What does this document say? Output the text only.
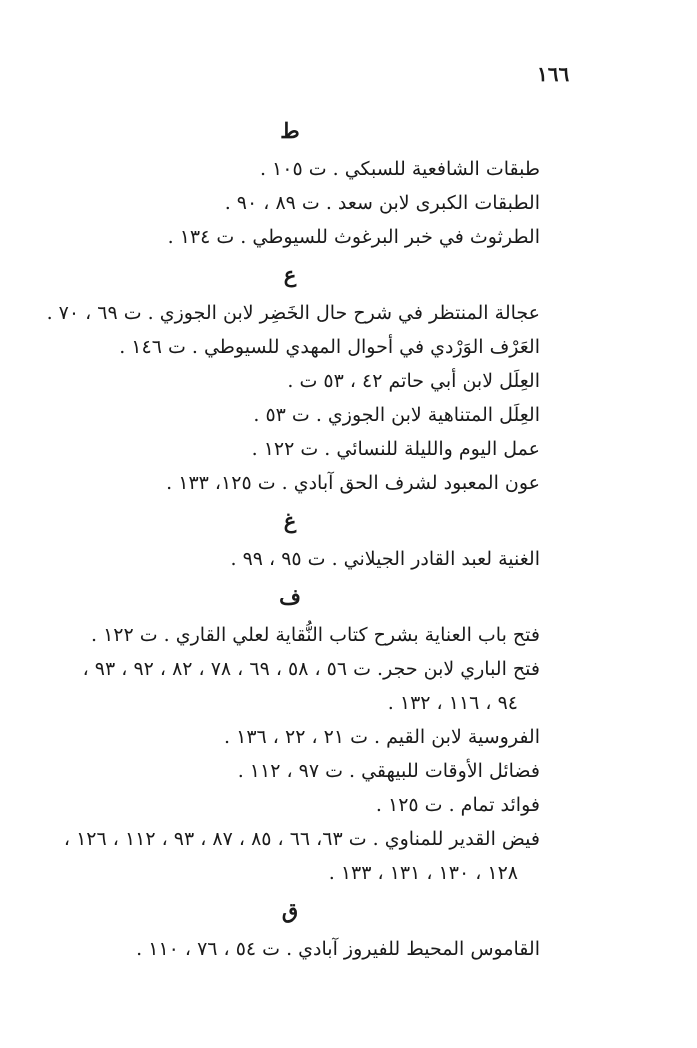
١٦٦
ط
طبقات الشافعية للسبكي . ت ١٠٥ .
الطبقات الكبرى لابن سعد . ت ٨٩ ، ٩٠ .
الطرثوث في خبر البرغوث للسيوطي . ت ١٣٤ .
ع
عجالة المنتظر في شرح حال الخَضِر لابن الجوزي . ت ٦٩ ، ٧٠ .
العَرْف الوَرْدي في أحوال المهدي للسيوطي . ت ١٤٦ .
العِلَل لابن أبي حاتم ٤٢ ، ٥٣ ت .
العِلَل المتناهية لابن الجوزي . ت ٥٣ .
عمل اليوم والليلة للنسائي . ت ١٢٢ .
عون المعبود لشرف الحق آبادي . ت ١٢٥، ١٣٣ .
غ
الغنية لعبد القادر الجيلاني . ت ٩٥ ، ٩٩ .
ف
فتح باب العناية بشرح كتاب النُّقاية لعلي القاري . ت ١٢٢ .
فتح الباري لابن حجر. ت ٥٦ ، ٥٨ ، ٦٩ ، ٧٨ ، ٨٢ ، ٩٢ ، ٩٣ ،
٩٤ ، ١١٦ ، ١٣٢ .
الفروسية لابن القيم . ت ٢١ ، ٢٢ ، ١٣٦ .
فضائل الأوقات للبيهقي . ت ٩٧ ، ١١٢ .
فوائد تمام . ت ١٢٥ .
فيض القدير للمناوي . ت ٦٣، ٦٦ ، ٨٥ ، ٨٧ ، ٩٣ ، ١١٢ ، ١٢٦ ،
١٢٨ ، ١٣٠ ، ١٣١ ، ١٣٣ .
ق
القاموس المحيط للفيروز آبادي . ت ٥٤ ، ٧٦ ، ١١٠ .
